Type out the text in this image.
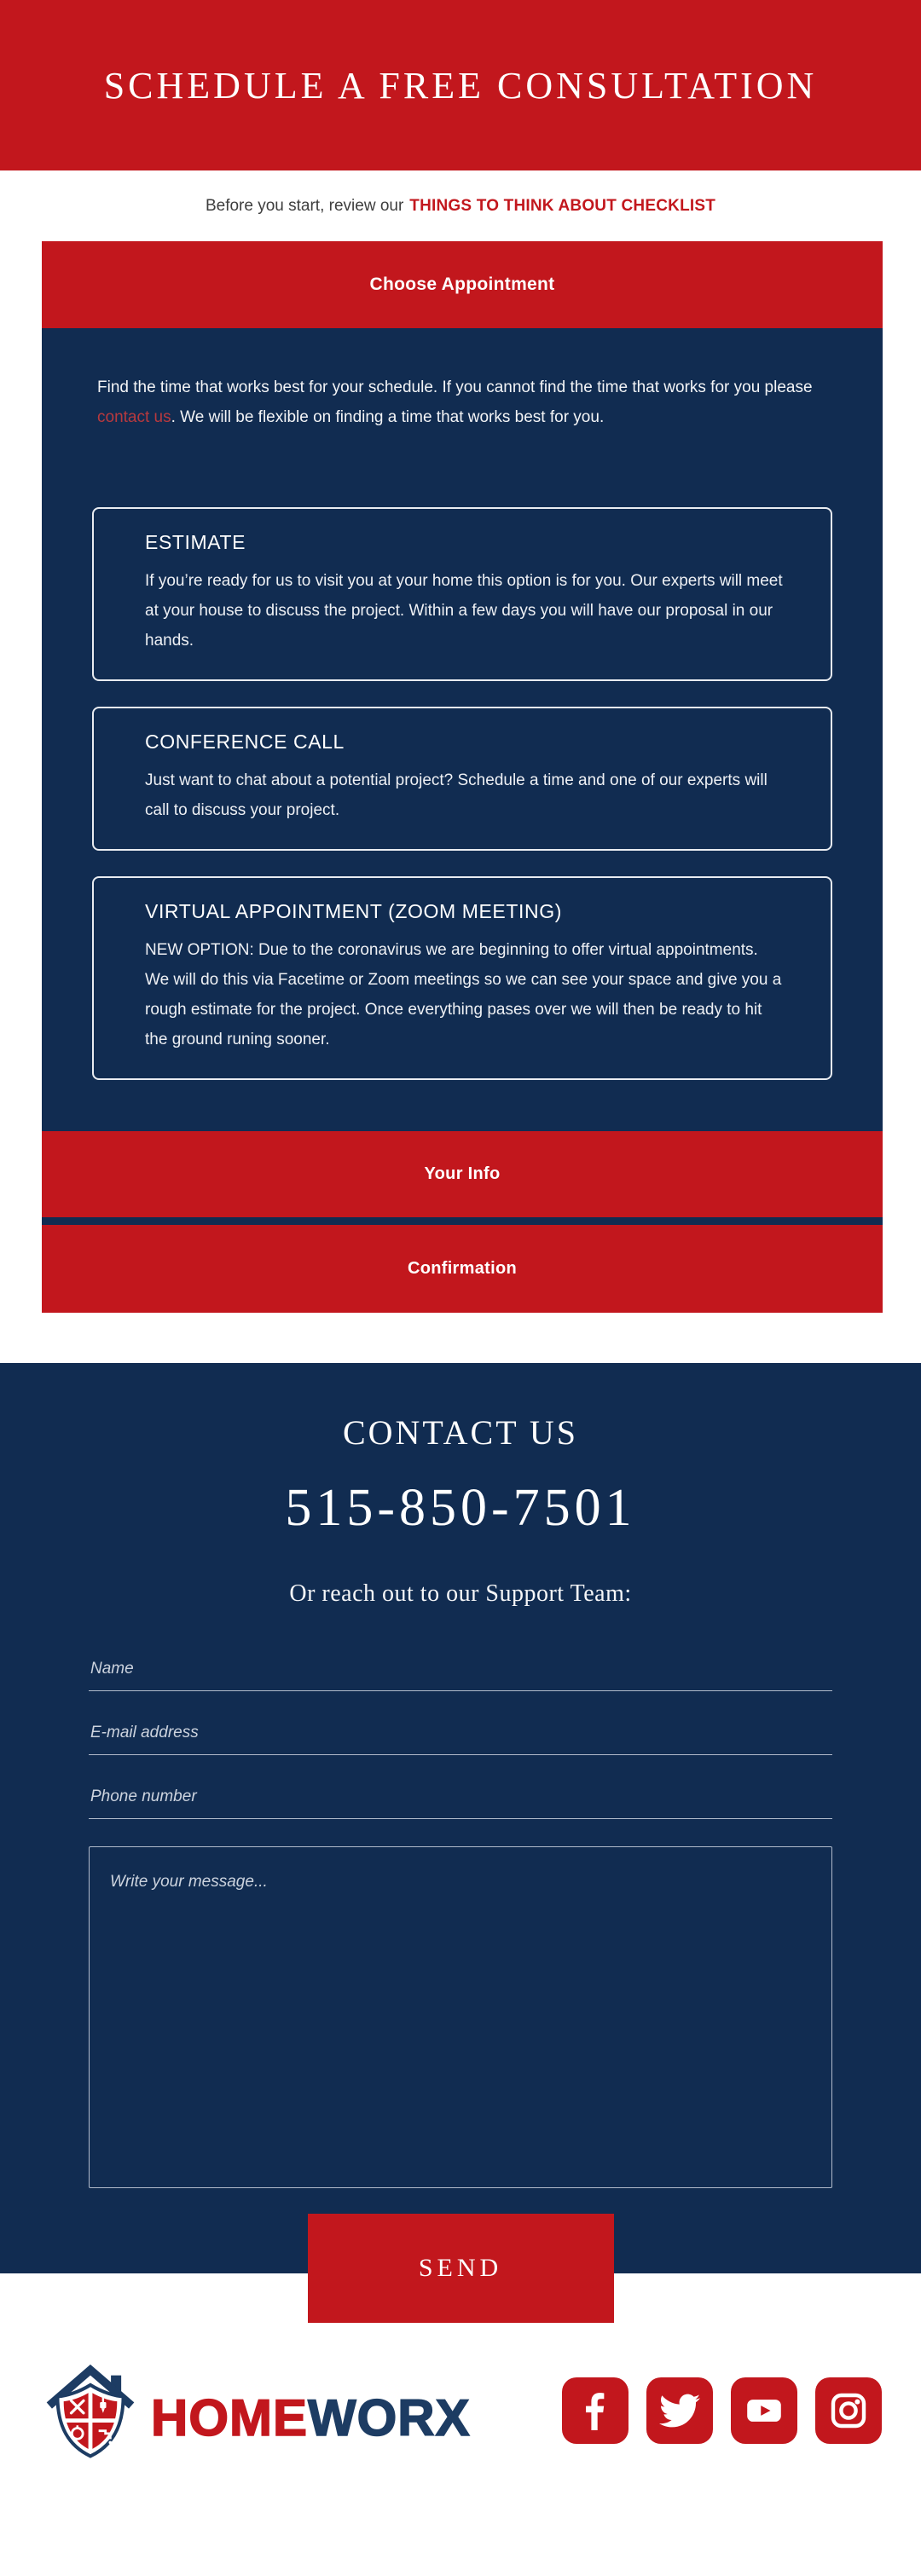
SCHEDULE A FREE CONSULTATION
Before you start, review our THINGS TO THINK ABOUT CHECKLIST
Choose Appointment

Find the time that works best for your schedule. If you cannot find the time that works for you please contact us. We will be flexible on finding a time that works best for you.

ESTIMATE

If you’re ready for us to visit you at your home this option is for you. Our experts will meet at your house to discuss the project. Within a few days you will have our proposal in our hands.

CONFERENCE CALL

Just want to chat about a potential project? Schedule a time and one of our experts will call to discuss your project.

VIRTUAL APPOINTMENT (ZOOM MEETING)

NEW OPTION: Due to the coronavirus we are beginning to offer virtual appointments. We will do this via Facetime or Zoom meetings so we can see your space and give you a rough estimate for the project. Once everything pases over we will then be ready to hit the ground runing sooner.

Your Info
Confirmation
CONTACT US
515-850-7501
Or reach out to our Support Team:
Name
E-mail address
Phone number
Write your message...
SEND
HOMEWORX
